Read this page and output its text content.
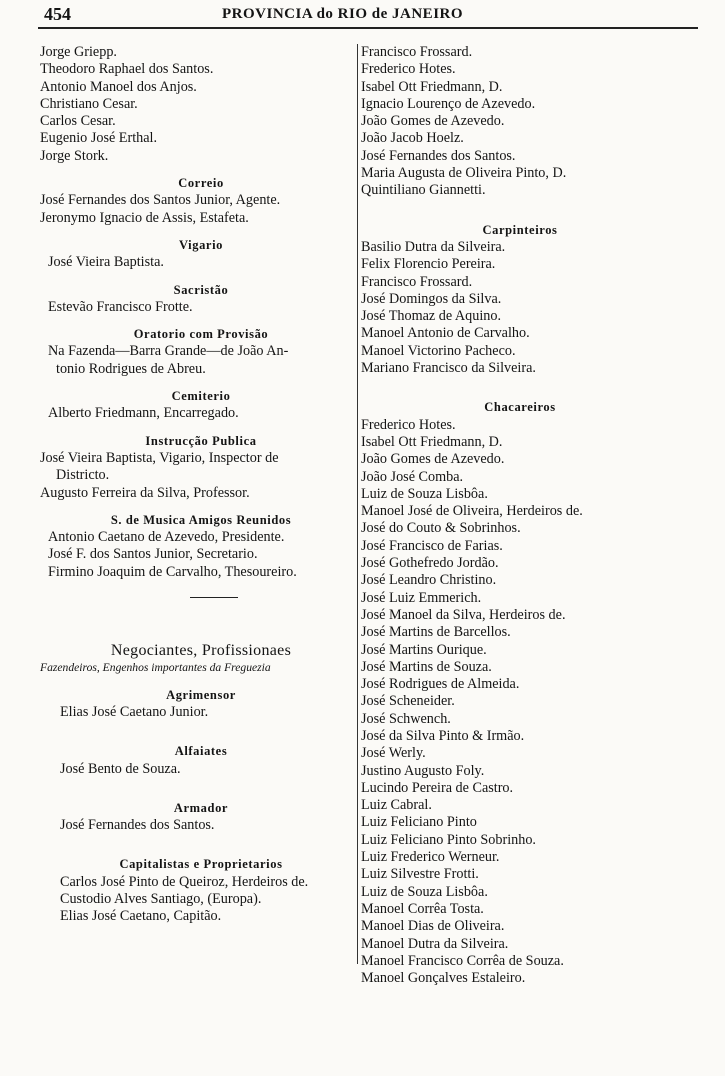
454	PROVINCIA do RIO de JANEIRO
Jorge Griepp.
Theodoro Raphael dos Santos.
Antonio Manoel dos Anjos.
Christiano Cesar.
Carlos Cesar.
Eugenio José Erthal.
Jorge Stork.
Correio
José Fernandes dos Santos Junior, Agente.
Jeronymo Ignacio de Assis, Estafeta.
Vigario
José Vieira Baptista.
Sacristão
Estevão Francisco Frotte.
Oratorio com Provisão
Na Fazenda—Barra Grande—de João An-
tonio Rodrigues de Abreu.
Cemiterio
Alberto Friedmann, Encarregado.
Instrucção Publica
José Vieira Baptista, Vigario, Inspector de
Districto.
Augusto Ferreira da Silva, Professor.
S. de Musica Amigos Reunidos
Antonio Caetano de Azevedo, Presidente.
José F. dos Santos Junior, Secretario.
Firmino Joaquim de Carvalho, Thesoureiro.
Negociantes, Profissionaes
Fazendeiros, Engenhos importantes da Freguezia
Agrimensor
Elias José Caetano Junior.
Alfaiates
José Bento de Souza.
Armador
José Fernandes dos Santos.
Capitalistas e Proprietarios
Carlos José Pinto de Queiroz, Herdeiros de.
Custodio Alves Santiago, (Europa).
Elias José Caetano, Capitão.
Francisco Frossard.
Frederico Hotes.
Isabel Ott Friedmann, D.
Ignacio Lourenço de Azevedo.
João Gomes de Azevedo.
João Jacob Hoelz.
José Fernandes dos Santos.
Maria Augusta de Oliveira Pinto, D.
Quintiliano Giannetti.
Carpinteiros
Basilio Dutra da Silveira.
Felix Florencio Pereira.
Francisco Frossard.
José Domingos da Silva.
José Thomaz de Aquino.
Manoel Antonio de Carvalho.
Manoel Victorino Pacheco.
Mariano Francisco da Silveira.
Chacareiros
Frederico Hotes.
Isabel Ott Friedmann, D.
João Gomes de Azevedo.
João José Comba.
Luiz de Souza Lisbôa.
Manoel José de Oliveira, Herdeiros de.
José do Couto & Sobrinhos.
José Francisco de Farias.
José Gothefredo Jordão.
José Leandro Christino.
José Luiz Emmerich.
José Manoel da Silva, Herdeiros de.
José Martins de Barcellos.
José Martins Ourique.
José Martins de Souza.
José Rodrigues de Almeida.
José Scheneider.
José Schwench.
José da Silva Pinto & Irmão.
José Werly.
Justino Augusto Foly.
Lucindo Pereira de Castro.
Luiz Cabral.
Luiz Feliciano Pinto
Luiz Feliciano Pinto Sobrinho.
Luiz Frederico Werneur.
Luiz Silvestre Frotti.
Luiz de Souza Lisbôa.
Manoel Corrêa Tosta.
Manoel Dias de Oliveira.
Manoel Dutra da Silveira.
Manoel Francisco Corrêa de Souza.
Manoel Gonçalves Estaleiro.
